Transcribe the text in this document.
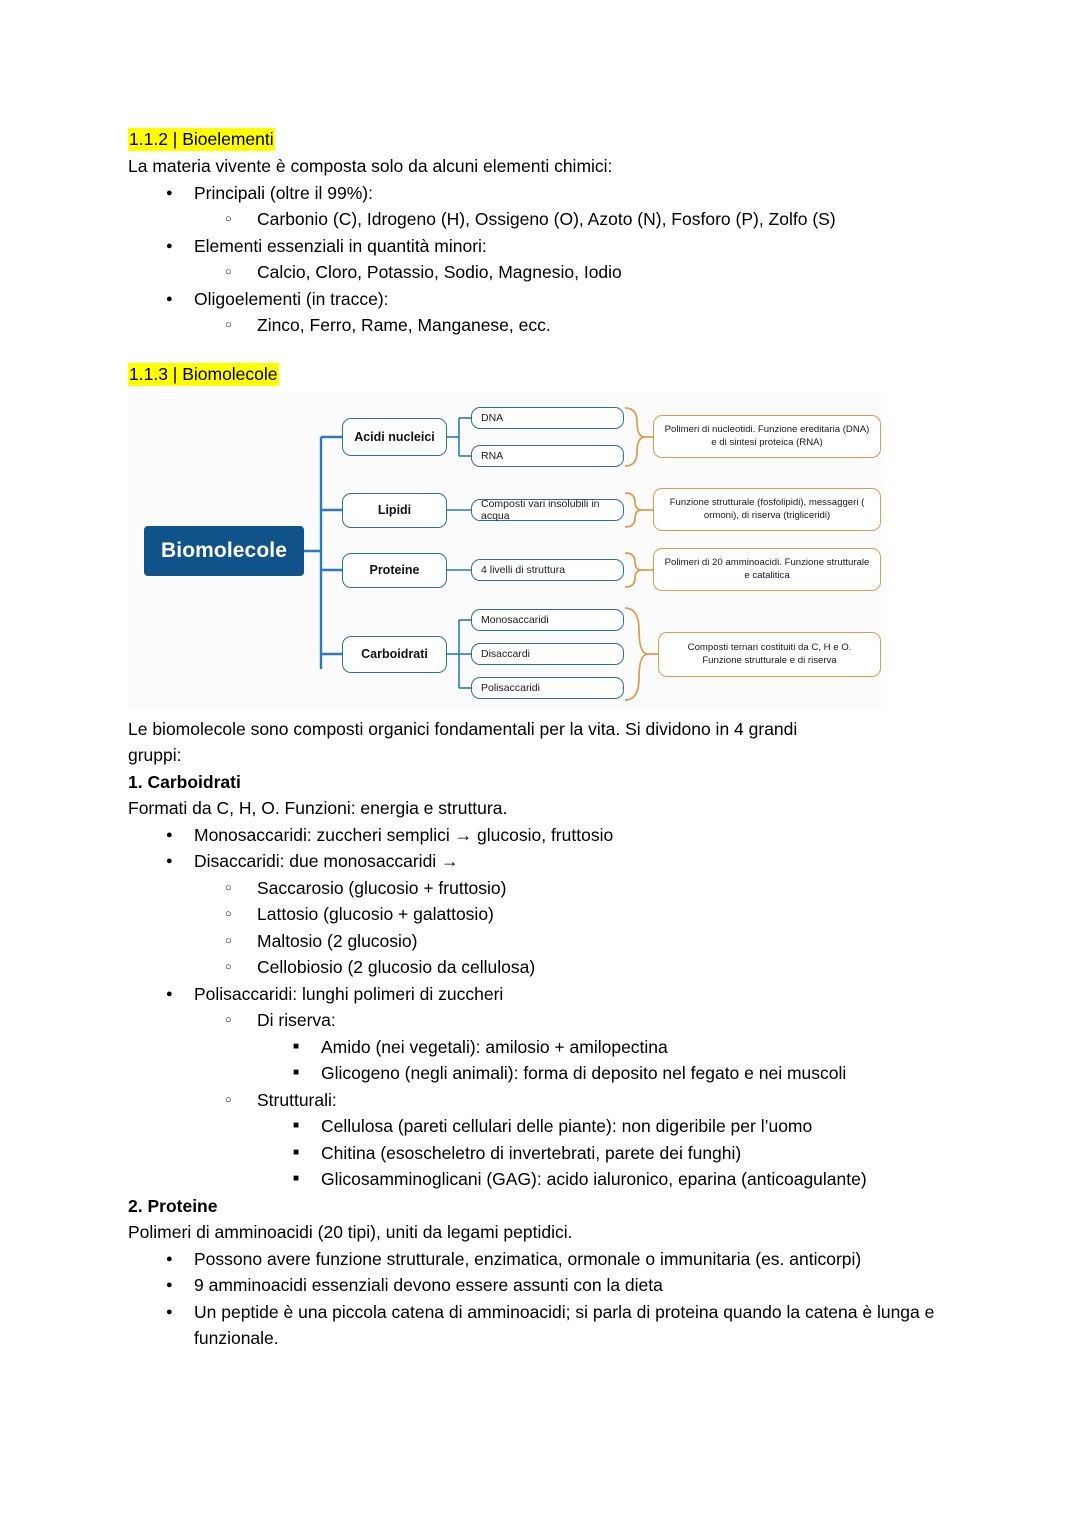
1.1.2 | Bioelementi

La materia vivente è composta solo da alcuni elementi chimici:

● Principali (oltre il 99%):
○ Carbonio (C), Idrogeno (H), Ossigeno (O), Azoto (N), Fosforo (P), Zolfo (S)
● Elementi essenziali in quantità minori:
○ Calcio, Cloro, Potassio, Sodio, Magnesio, Iodio
● Oligoelementi (in tracce):
○ Zinco, Ferro, Rame, Manganese, ecc.
1.1.3 | Biomolecole
Biomolecole
Acidi nucleici
Lipidi
Proteine
Carboidrati
DNA
RNA
Composti vari insolubili in acqua
4 livelli di struttura
Monosaccaridi
Disaccardi
Polisaccaridi
Polimeri di nucleotidi. Funzione ereditaria (DNA) e di sintesi proteica (RNA)
Funzione strutturale (fosfolipidi), messaggeri ( ormoni), di riserva (trigliceridi)
Polimeri di 20 amminoacidi. Funzione strutturale e catalitica
Composti ternari costituiti da C, H e O. Funzione strutturale e di riserva

Le biomolecole sono composti organici fondamentali per la vita. Si dividono in 4 grandi

gruppi:

1. Carboidrati

Formati da C, H, O. Funzioni: energia e struttura.

● Monosaccaridi: zuccheri semplici → glucosio, fruttosio
● Disaccaridi: due monosaccaridi →
○ Saccarosio (glucosio + fruttosio)
○ Lattosio (glucosio + galattosio)
○ Maltosio (2 glucosio)
○ Cellobiosio (2 glucosio da cellulosa)
● Polisaccaridi: lunghi polimeri di zuccheri
○ Di riserva:
■ Amido (nei vegetali): amilosio + amilopectina
■ Glicogeno (negli animali): forma di deposito nel fegato e nei muscoli
○ Strutturali:
■ Cellulosa (pareti cellulari delle piante): non digeribile per l’uomo
■ Chitina (esoscheletro di invertebrati, parete dei funghi)
■ Glicosamminoglicani (GAG): acido ialuronico, eparina (anticoagulante)

2. Proteine

Polimeri di amminoacidi (20 tipi), uniti da legami peptidici.

● Possono avere funzione strutturale, enzimatica, ormonale o immunitaria (es. anticorpi)
● 9 amminoacidi essenziali devono essere assunti con la dieta
● Un peptide è una piccola catena di amminoacidi; si parla di proteina quando la catena è lunga e funzionale.
